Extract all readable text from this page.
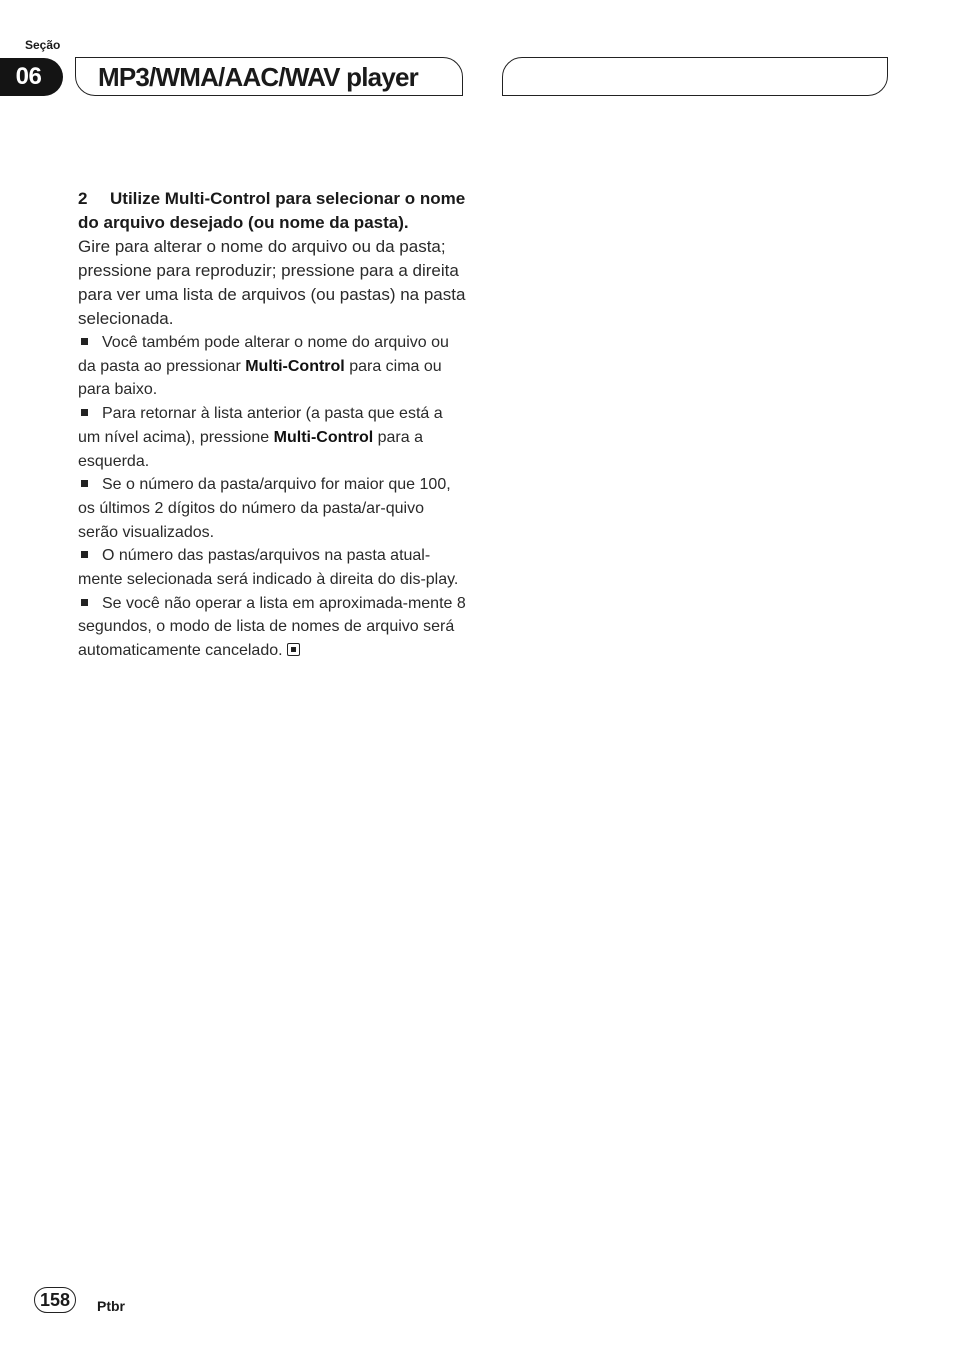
Seção
06	MP3/WMA/AAC/WAV player

2 Utilize Multi-Control para selecionar o nome do arquivo desejado (ou nome da pasta).

Gire para alterar o nome do arquivo ou da pasta; pressione para reproduzir; pressione para a direita para ver uma lista de arquivos (ou pastas) na pasta selecionada.

Você também pode alterar o nome do arquivo ou da pasta ao pressionar Multi-Control para cima ou para baixo.

Para retornar à lista anterior (a pasta que está a um nível acima), pressione Multi-Control para a esquerda.

Se o número da pasta/arquivo for maior que 100, os últimos 2 dígitos do número da pasta/ar-quivo serão visualizados.

O número das pastas/arquivos na pasta atual-mente selecionada será indicado à direita do dis-play.

Se você não operar a lista em aproximada-mente 8 segundos, o modo de lista de nomes de arquivo será automaticamente cancelado.

158	Ptbr
